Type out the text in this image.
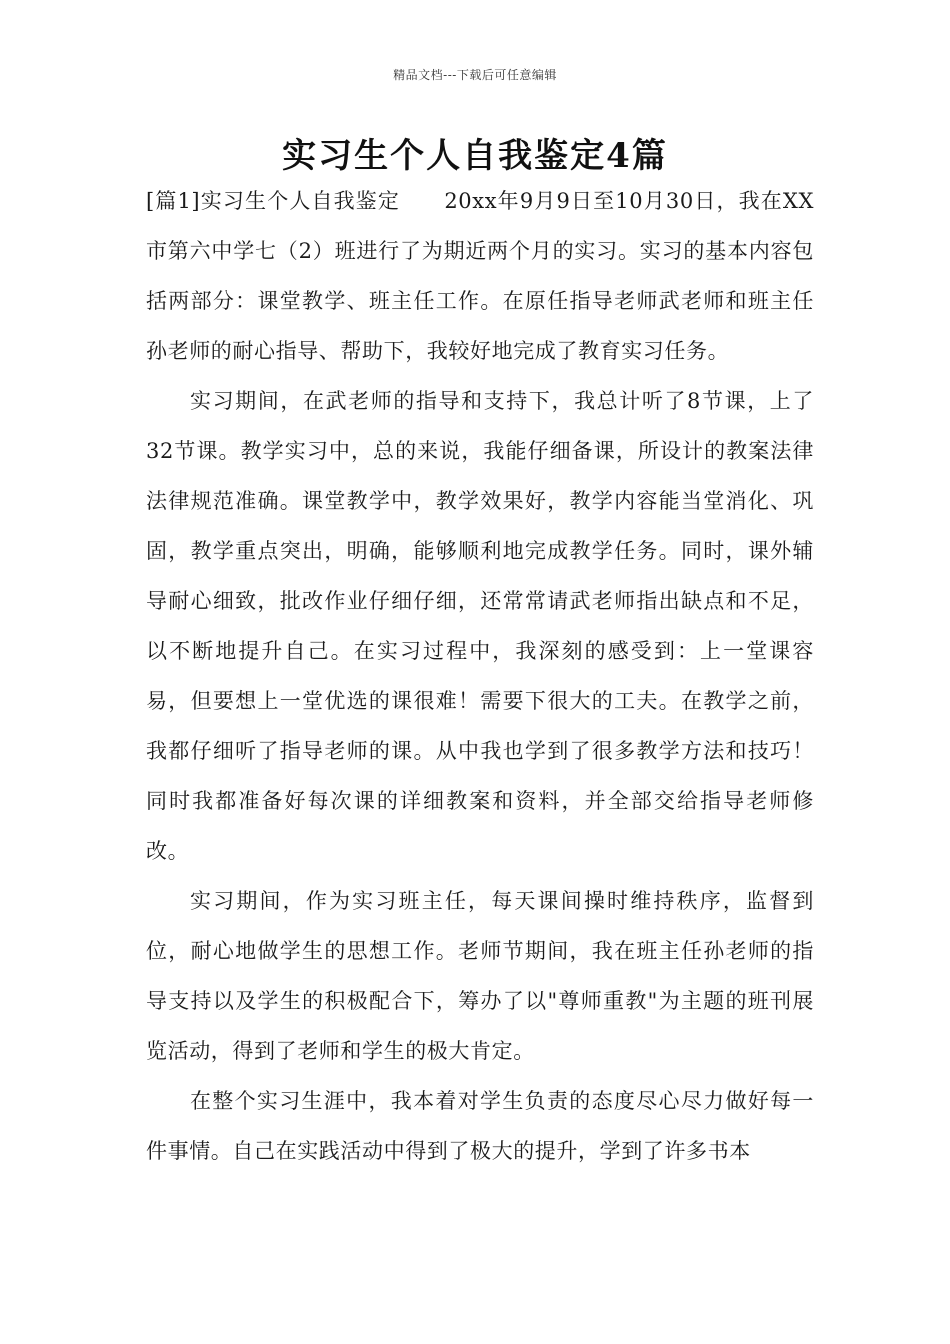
精品文档---下载后可任意编辑
实习生个人自我鉴定4篇

[篇1]实习生个人自我鉴定　　20xx年9月9日至10月30日，我在XX市第六中学七（2）班进行了为期近两个月的实习。实习的基本内容包括两部分：课堂教学、班主任工作。在原任指导老师武老师和班主任孙老师的耐心指导、帮助下，我较好地完成了教育实习任务。

实习期间，在武老师的指导和支持下，我总计听了8节课，上了32节课。教学实习中，总的来说，我能仔细备课，所设计的教案法律法律规范准确。课堂教学中，教学效果好，教学内容能当堂消化、巩固，教学重点突出，明确，能够顺利地完成教学任务。同时，课外辅导耐心细致，批改作业仔细仔细，还常常请武老师指出缺点和不足，以不断地提升自己。在实习过程中，我深刻的感受到：上一堂课容易，但要想上一堂优选的课很难！需要下很大的工夫。在教学之前，我都仔细听了指导老师的课。从中我也学到了很多教学方法和技巧！同时我都准备好每次课的详细教案和资料，并全部交给指导老师修改。

实习期间，作为实习班主任，每天课间操时维持秩序，监督到位，耐心地做学生的思想工作。老师节期间，我在班主任孙老师的指导支持以及学生的积极配合下，筹办了以"尊师重教"为主题的班刊展览活动，得到了老师和学生的极大肯定。

在整个实习生涯中，我本着对学生负责的态度尽心尽力做好每一件事情。自己在实践活动中得到了极大的提升，学到了许多书本
